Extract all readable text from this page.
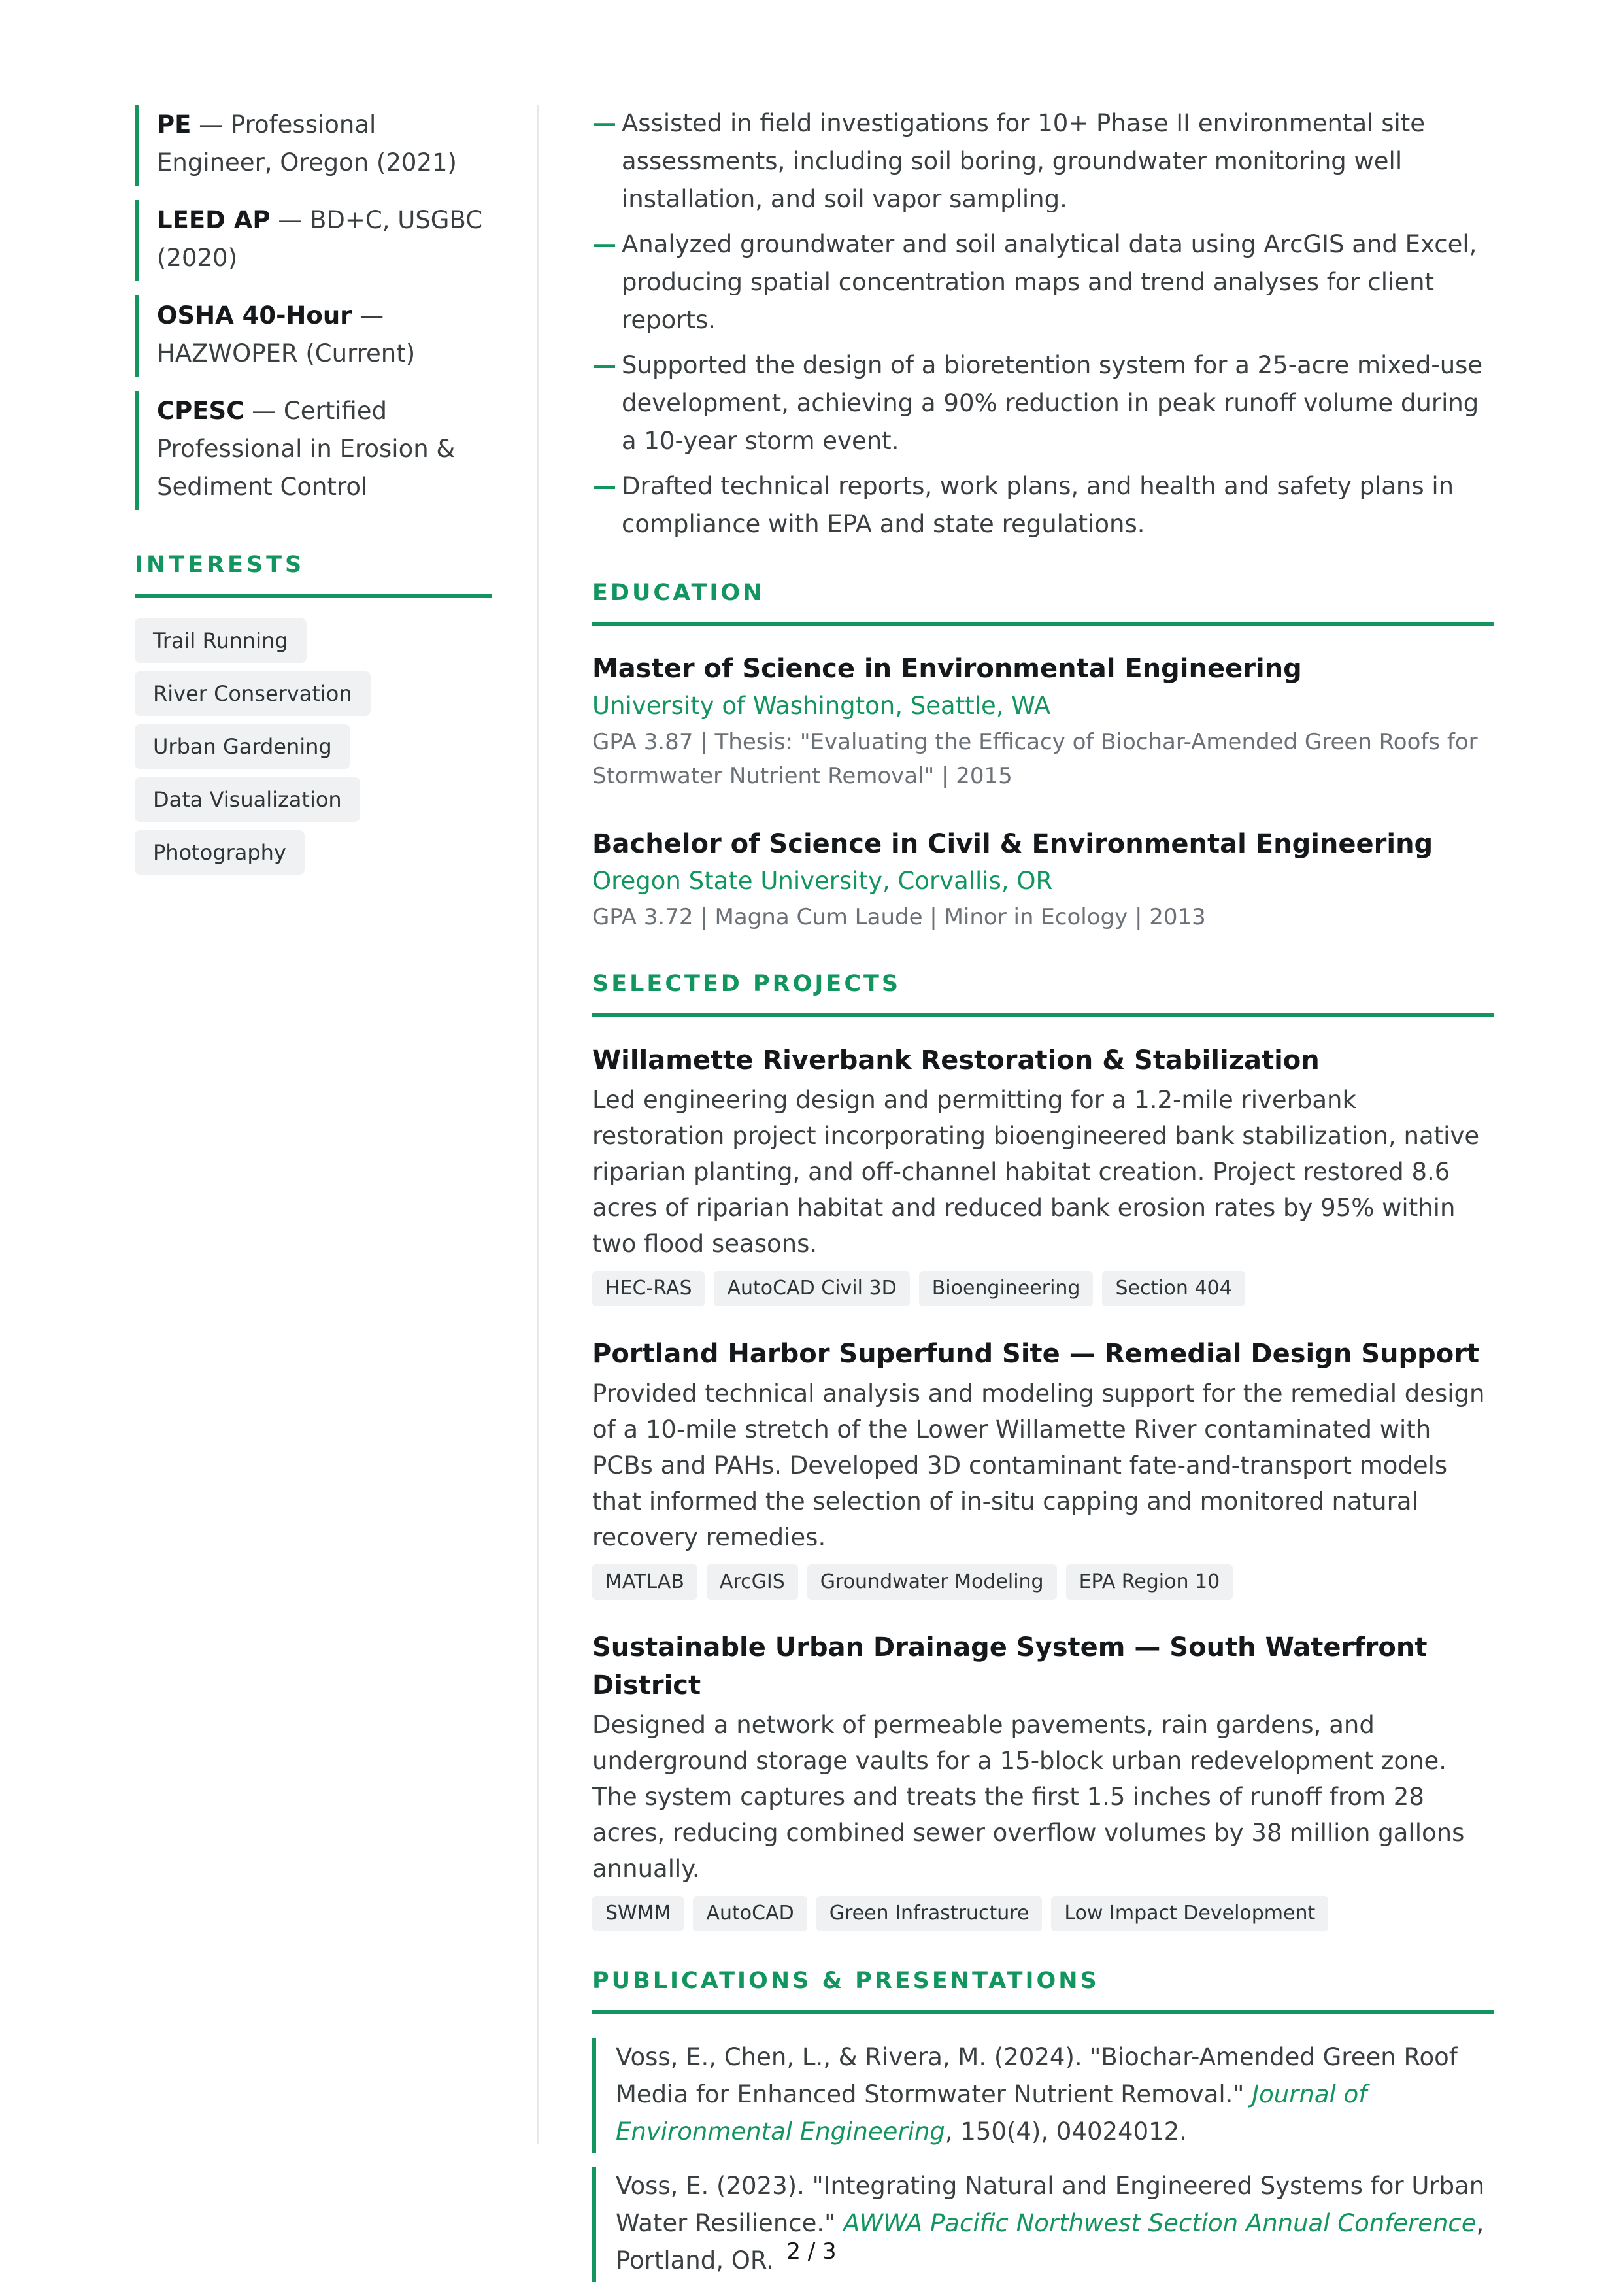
PE — Professional Engineer, Oregon (2021)
LEED AP — BD+C, USGBC (2020)
OSHA 40-Hour — HAZWOPER (Current)
CPESC — Certified Professional in Erosion & Sediment Control
INTERESTS
Trail Running
River Conservation
Urban Gardening
Data Visualization
Photography
— Assisted in field investigations for 10+ Phase II environmental site assessments, including soil boring, groundwater monitoring well installation, and soil vapor sampling.
— Analyzed groundwater and soil analytical data using ArcGIS and Excel, producing spatial concentration maps and trend analyses for client reports.
— Supported the design of a bioretention system for a 25-acre mixed-use development, achieving a 90% reduction in peak runoff volume during a 10-year storm event.
— Drafted technical reports, work plans, and health and safety plans in compliance with EPA and state regulations.
EDUCATION
Master of Science in Environmental Engineering
University of Washington, Seattle, WA
GPA 3.87 | Thesis: "Evaluating the Efficacy of Biochar-Amended Green Roofs for Stormwater Nutrient Removal" | 2015
Bachelor of Science in Civil & Environmental Engineering
Oregon State University, Corvallis, OR
GPA 3.72 | Magna Cum Laude | Minor in Ecology | 2013
SELECTED PROJECTS
Willamette Riverbank Restoration & Stabilization
Led engineering design and permitting for a 1.2-mile riverbank restoration project incorporating bioengineered bank stabilization, native riparian planting, and off-channel habitat creation. Project restored 8.6 acres of riparian habitat and reduced bank erosion rates by 95% within two flood seasons.
HEC-RAS	AutoCAD Civil 3D	Bioengineering	Section 404
Portland Harbor Superfund Site — Remedial Design Support
Provided technical analysis and modeling support for the remedial design of a 10-mile stretch of the Lower Willamette River contaminated with PCBs and PAHs. Developed 3D contaminant fate-and-transport models that informed the selection of in-situ capping and monitored natural recovery remedies.
MATLAB	ArcGIS	Groundwater Modeling	EPA Region 10
Sustainable Urban Drainage System — South Waterfront District
Designed a network of permeable pavements, rain gardens, and underground storage vaults for a 15-block urban redevelopment zone. The system captures and treats the first 1.5 inches of runoff from 28 acres, reducing combined sewer overflow volumes by 38 million gallons annually.
SWMM	AutoCAD	Green Infrastructure	Low Impact Development
PUBLICATIONS & PRESENTATIONS
Voss, E., Chen, L., & Rivera, M. (2024). "Biochar-Amended Green Roof Media for Enhanced Stormwater Nutrient Removal." Journal of Environmental Engineering, 150(4), 04024012.
Voss, E. (2023). "Integrating Natural and Engineered Systems for Urban Water Resilience." AWWA Pacific Northwest Section Annual Conference, Portland, OR. 2 / 3
